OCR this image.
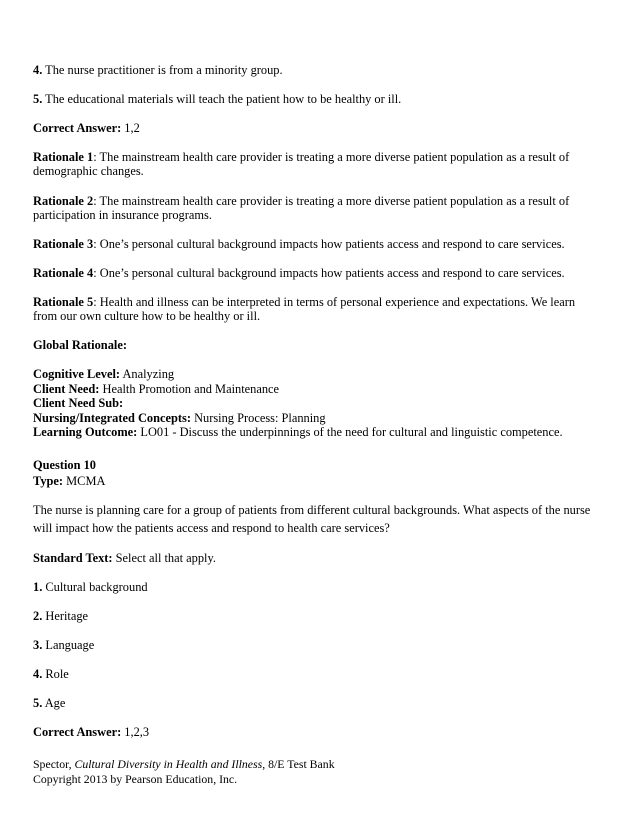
4. The nurse practitioner is from a minority group.

5. The educational materials will teach the patient how to be healthy or ill.

Correct Answer: 1,2

Rationale 1: The mainstream health care provider is treating a more diverse patient population as a result of

demographic changes.

Rationale 2: The mainstream health care provider is treating a more diverse patient population as a result of

participation in insurance programs.

Rationale 3: One’s personal cultural background impacts how patients access and respond to care services.

Rationale 4: One’s personal cultural background impacts how patients access and respond to care services.

Rationale 5: Health and illness can be interpreted in terms of personal experience and expectations. We learn

from our own culture how to be healthy or ill.

Global Rationale:

Cognitive Level: Analyzing

Client Need: Health Promotion and Maintenance

Client Need Sub:

Nursing/Integrated Concepts: Nursing Process: Planning

Learning Outcome: LO01 - Discuss the underpinnings of the need for cultural and linguistic competence.

Question 10

Type: MCMA

The nurse is planning care for a group of patients from different cultural backgrounds. What aspects of the nurse

will impact how the patients access and respond to health care services?

Standard Text: Select all that apply.

1. Cultural background

2. Heritage

3. Language

4. Role

5. Age

Correct Answer: 1,2,3

Spector, Cultural Diversity in Health and Illness, 8/E Test Bank

Copyright 2013 by Pearson Education, Inc.
